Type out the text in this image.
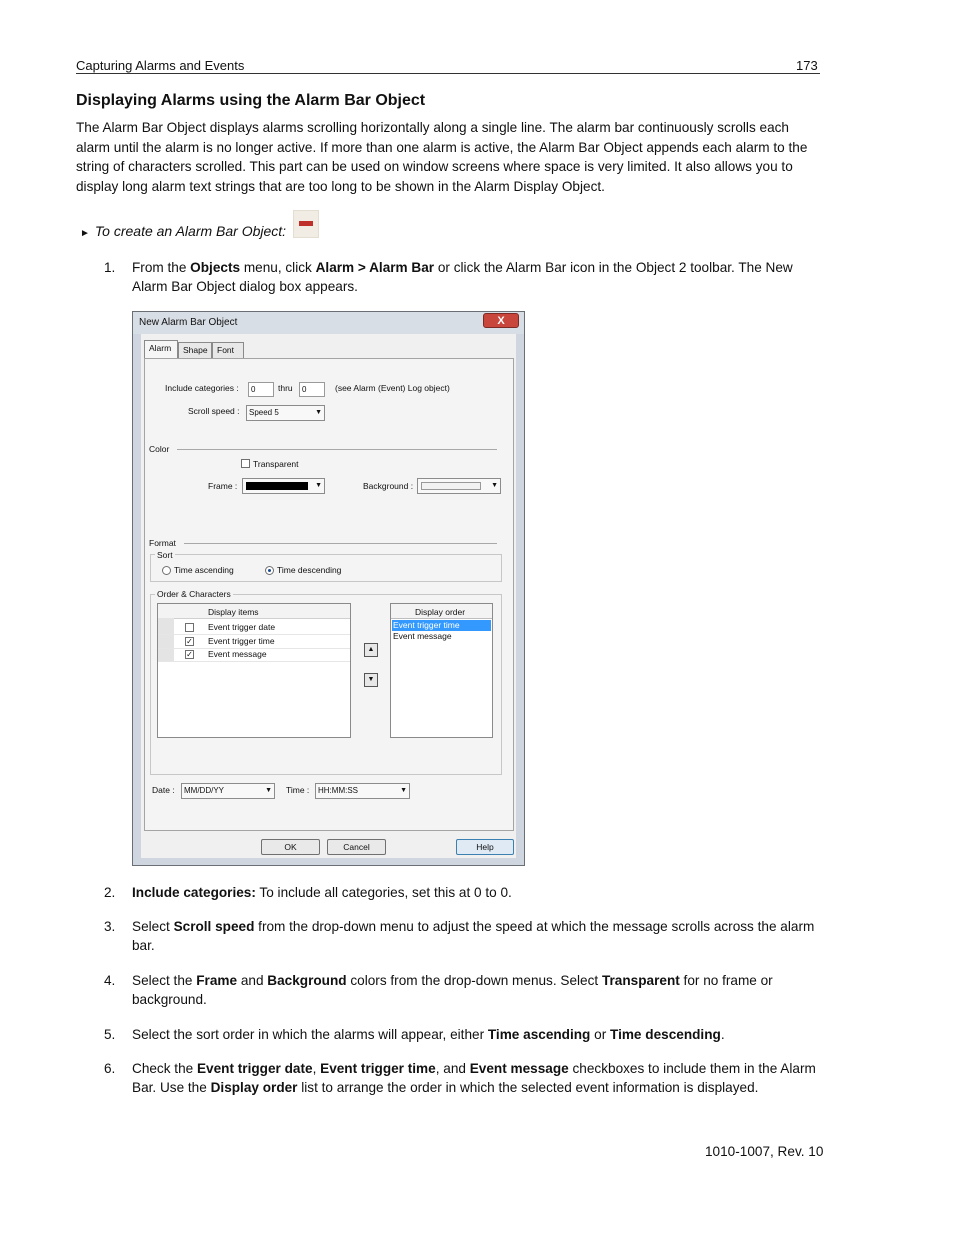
Capturing Alarms and Events	173
Displaying Alarms using the Alarm Bar Object
The Alarm Bar Object displays alarms scrolling horizontally along a single line. The alarm bar continuously scrolls each alarm until the alarm is no longer active. If more than one alarm is active, the Alarm Bar Object appends each alarm to the string of characters scrolled. This part can be used on window screens where space is very limited. It also allows you to display long alarm text strings that are too long to be shown in the Alarm Display Object.
► To create an Alarm Bar Object:
1. From the Objects menu, click Alarm > Alarm Bar or click the Alarm Bar icon in the Object 2 toolbar. The New Alarm Bar Object dialog box appears.
New Alarm Bar Object	X
Alarm	Shape	Font
Include categories :	0	thru	0	(see Alarm (Event) Log object)
Scroll speed :	Speed 5	▼
Color
Transparent
Frame :	▼	Background :	▼
Format
Sort
Time ascending	Time descending
Order & Characters
Display items
Event trigger date
✓ Event trigger time
✓ Event message	▲
▼
Display order
Event trigger time
Event message
Date :	MM/DD/YY	▼ Time :	HH:MM:SS	▼
OK	Cancel	Help
2. Include categories: To include all categories, set this at 0 to 0.
3. Select Scroll speed from the drop-down menu to adjust the speed at which the message scrolls across the alarm bar.
4. Select the Frame and Background colors from the drop-down menus. Select Transparent for no frame or background.
5. Select the sort order in which the alarms will appear, either Time ascending or Time descending.
6. Check the Event trigger date, Event trigger time, and Event message checkboxes to include them in the Alarm Bar. Use the Display order list to arrange the order in which the selected event information is displayed.
1010-1007, Rev. 10
